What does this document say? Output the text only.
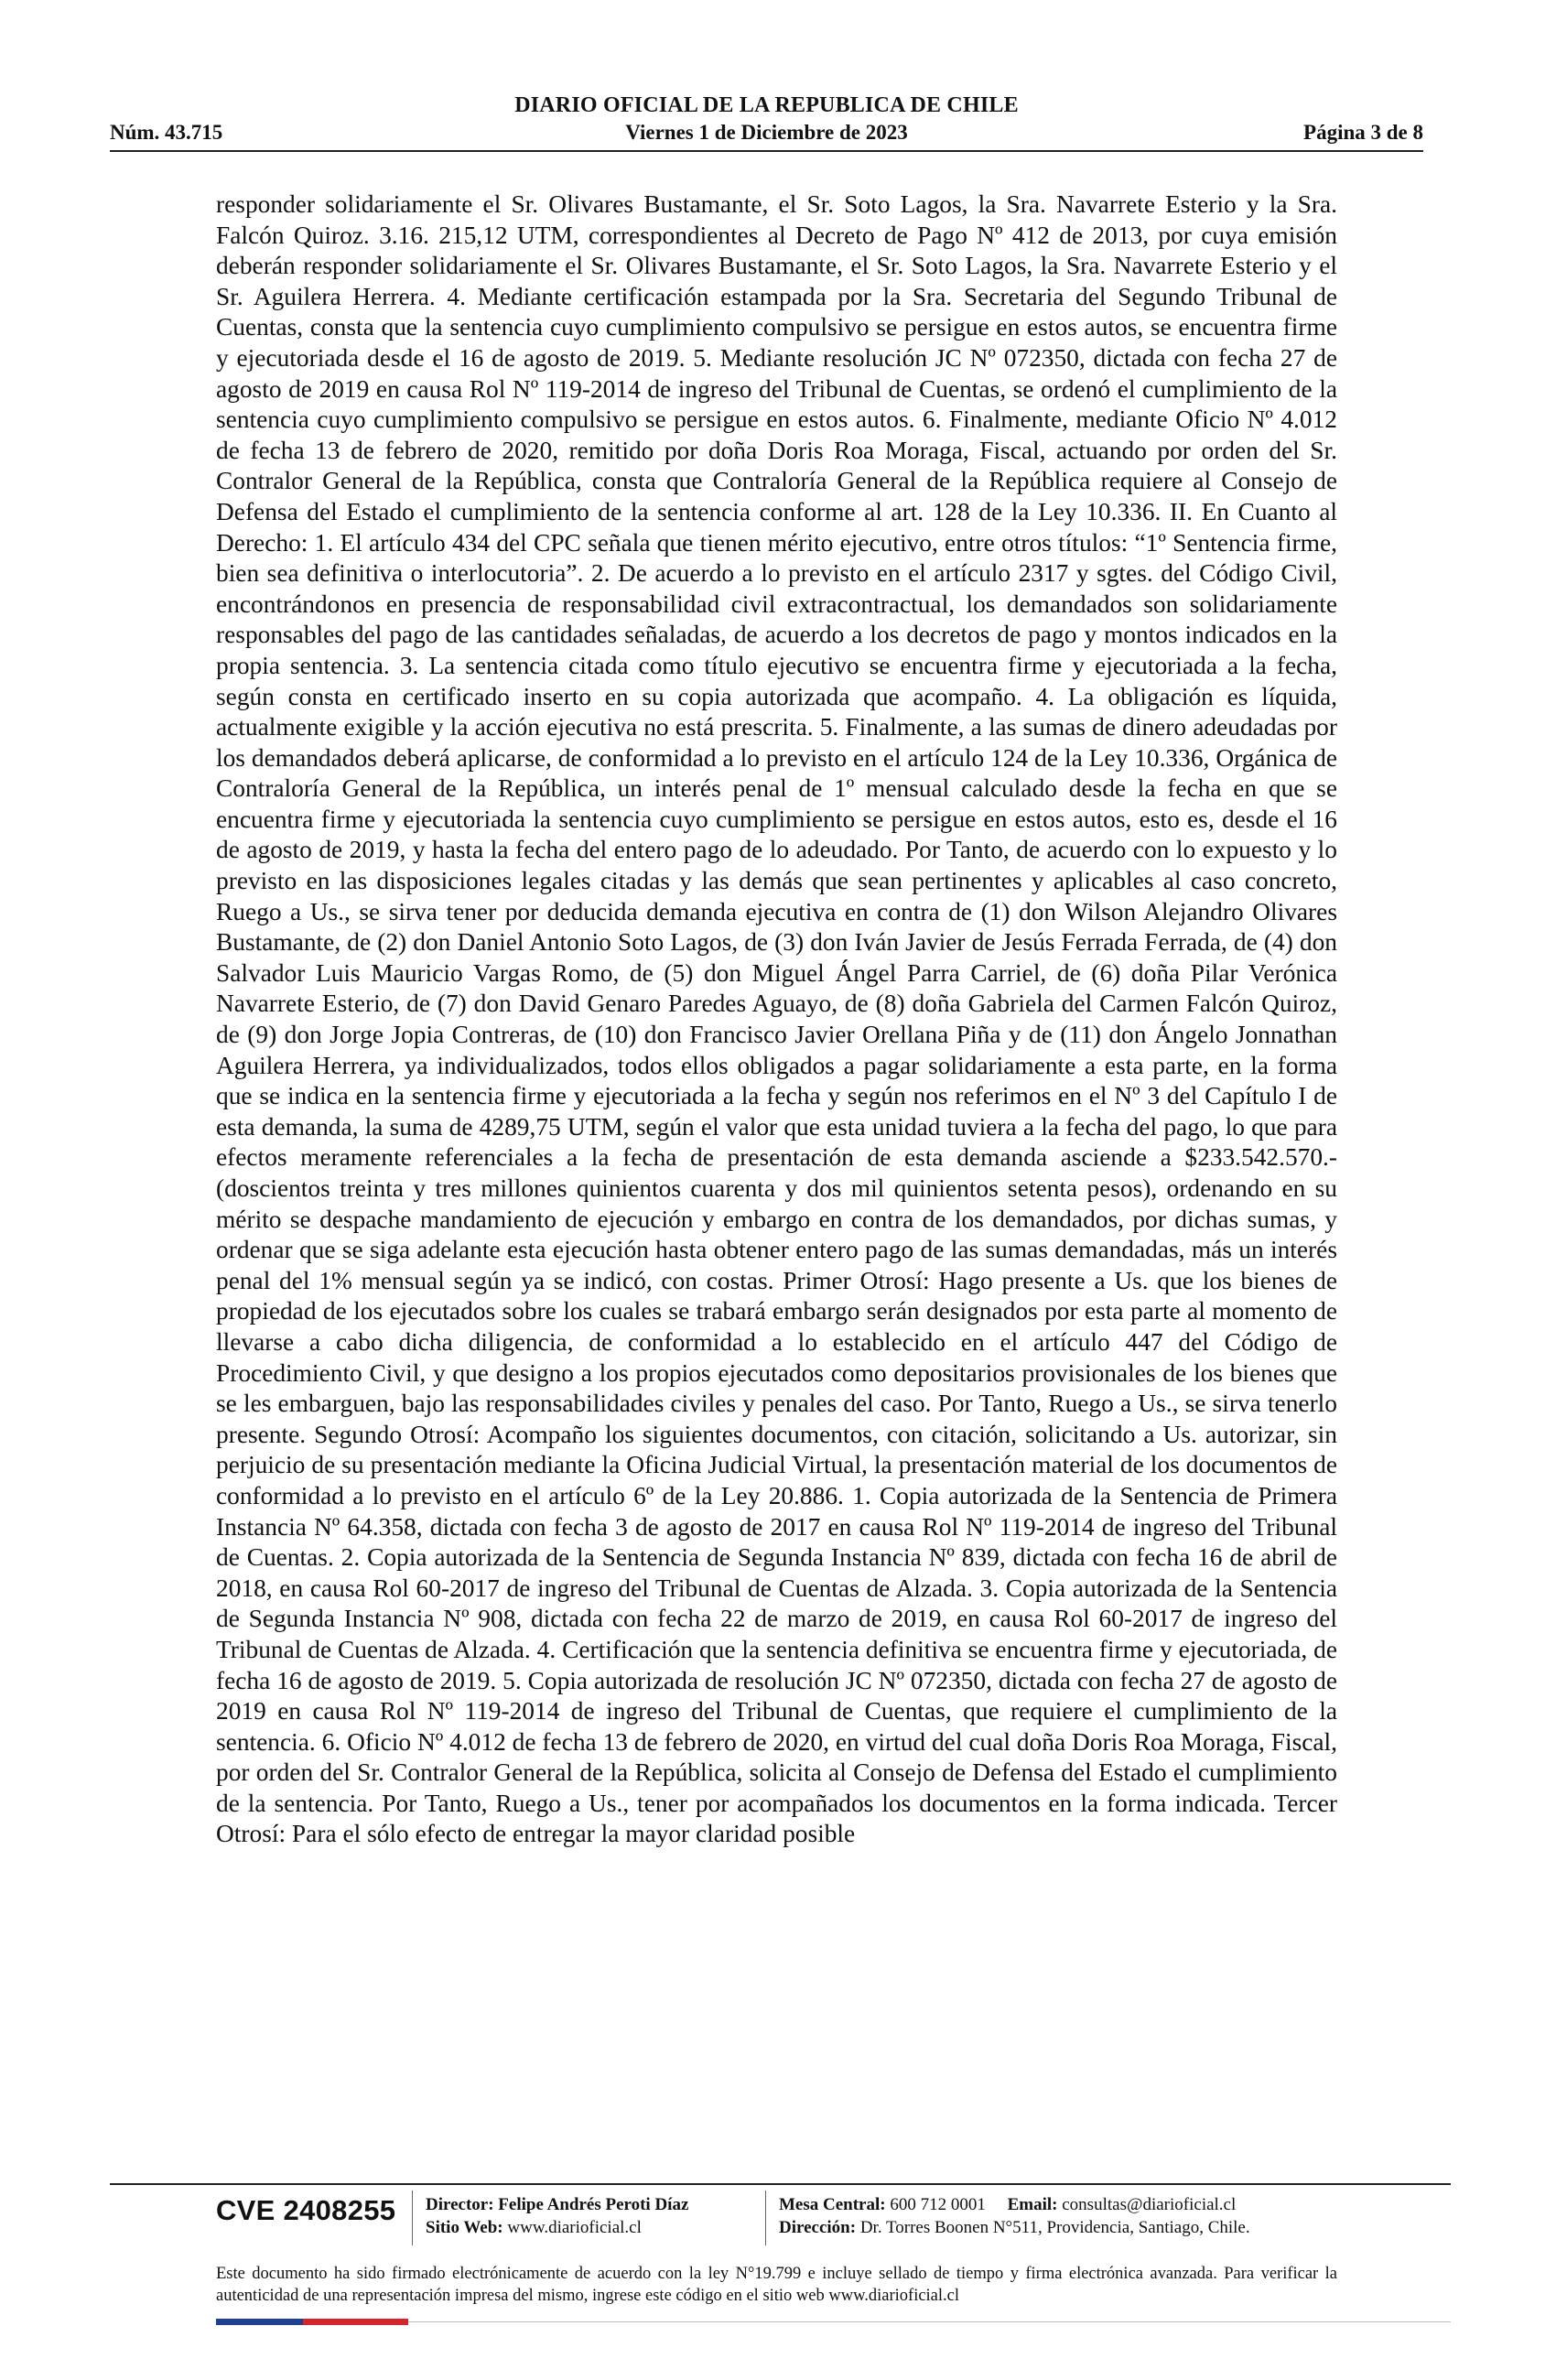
DIARIO OFICIAL DE LA REPUBLICA DE CHILE
Núm. 43.715	Viernes 1 de Diciembre de 2023	Página 3 de 8

responder solidariamente el Sr. Olivares Bustamante, el Sr. Soto Lagos, la Sra. Navarrete Esterio y la Sra. Falcón Quiroz. 3.16. 215,12 UTM, correspondientes al Decreto de Pago Nº 412 de 2013, por cuya emisión deberán responder solidariamente el Sr. Olivares Bustamante, el Sr. Soto Lagos, la Sra. Navarrete Esterio y el Sr. Aguilera Herrera. 4. Mediante certificación estampada por la Sra. Secretaria del Segundo Tribunal de Cuentas, consta que la sentencia cuyo cumplimiento compulsivo se persigue en estos autos, se encuentra firme y ejecutoriada desde el 16 de agosto de 2019. 5. Mediante resolución JC Nº 072350, dictada con fecha 27 de agosto de 2019 en causa Rol Nº 119-2014 de ingreso del Tribunal de Cuentas, se ordenó el cumplimiento de la sentencia cuyo cumplimiento compulsivo se persigue en estos autos. 6. Finalmente, mediante Oficio Nº 4.012 de fecha 13 de febrero de 2020, remitido por doña Doris Roa Moraga, Fiscal, actuando por orden del Sr. Contralor General de la República, consta que Contraloría General de la República requiere al Consejo de Defensa del Estado el cumplimiento de la sentencia conforme al art. 128 de la Ley 10.336. II. En Cuanto al Derecho: 1. El artículo 434 del CPC señala que tienen mérito ejecutivo, entre otros títulos: “1º Sentencia firme, bien sea definitiva o interlocutoria”. 2. De acuerdo a lo previsto en el artículo 2317 y sgtes. del Código Civil, encontrándonos en presencia de responsabilidad civil extracontractual, los demandados son solidariamente responsables del pago de las cantidades señaladas, de acuerdo a los decretos de pago y montos indicados en la propia sentencia. 3. La sentencia citada como título ejecutivo se encuentra firme y ejecutoriada a la fecha, según consta en certificado inserto en su copia autorizada que acompaño. 4. La obligación es líquida, actualmente exigible y la acción ejecutiva no está prescrita. 5. Finalmente, a las sumas de dinero adeudadas por los demandados deberá aplicarse, de conformidad a lo previsto en el artículo 124 de la Ley 10.336, Orgánica de Contraloría General de la República, un interés penal de 1º mensual calculado desde la fecha en que se encuentra firme y ejecutoriada la sentencia cuyo cumplimiento se persigue en estos autos, esto es, desde el 16 de agosto de 2019, y hasta la fecha del entero pago de lo adeudado. Por Tanto, de acuerdo con lo expuesto y lo previsto en las disposiciones legales citadas y las demás que sean pertinentes y aplicables al caso concreto, Ruego a Us., se sirva tener por deducida demanda ejecutiva en contra de (1) don Wilson Alejandro Olivares Bustamante, de (2) don Daniel Antonio Soto Lagos, de (3) don Iván Javier de Jesús Ferrada Ferrada, de (4) don Salvador Luis Mauricio Vargas Romo, de (5) don Miguel Ángel Parra Carriel, de (6) doña Pilar Verónica Navarrete Esterio, de (7) don David Genaro Paredes Aguayo, de (8) doña Gabriela del Carmen Falcón Quiroz, de (9) don Jorge Jopia Contreras, de (10) don Francisco Javier Orellana Piña y de (11) don Ángelo Jonnathan Aguilera Herrera, ya individualizados, todos ellos obligados a pagar solidariamente a esta parte, en la forma que se indica en la sentencia firme y ejecutoriada a la fecha y según nos referimos en el Nº 3 del Capítulo I de esta demanda, la suma de 4289,75 UTM, según el valor que esta unidad tuviera a la fecha del pago, lo que para efectos meramente referenciales a la fecha de presentación de esta demanda asciende a $233.542.570.- (doscientos treinta y tres millones quinientos cuarenta y dos mil quinientos setenta pesos), ordenando en su mérito se despache mandamiento de ejecución y embargo en contra de los demandados, por dichas sumas, y ordenar que se siga adelante esta ejecución hasta obtener entero pago de las sumas demandadas, más un interés penal del 1% mensual según ya se indicó, con costas. Primer Otrosí: Hago presente a Us. que los bienes de propiedad de los ejecutados sobre los cuales se trabará embargo serán designados por esta parte al momento de llevarse a cabo dicha diligencia, de conformidad a lo establecido en el artículo 447 del Código de Procedimiento Civil, y que designo a los propios ejecutados como depositarios provisionales de los bienes que se les embarguen, bajo las responsabilidades civiles y penales del caso. Por Tanto, Ruego a Us., se sirva tenerlo presente. Segundo Otrosí: Acompaño los siguientes documentos, con citación, solicitando a Us. autorizar, sin perjuicio de su presentación mediante la Oficina Judicial Virtual, la presentación material de los documentos de conformidad a lo previsto en el artículo 6º de la Ley 20.886. 1. Copia autorizada de la Sentencia de Primera Instancia Nº 64.358, dictada con fecha 3 de agosto de 2017 en causa Rol Nº 119-2014 de ingreso del Tribunal de Cuentas. 2. Copia autorizada de la Sentencia de Segunda Instancia Nº 839, dictada con fecha 16 de abril de 2018, en causa Rol 60-2017 de ingreso del Tribunal de Cuentas de Alzada. 3. Copia autorizada de la Sentencia de Segunda Instancia Nº 908, dictada con fecha 22 de marzo de 2019, en causa Rol 60-2017 de ingreso del Tribunal de Cuentas de Alzada. 4. Certificación que la sentencia definitiva se encuentra firme y ejecutoriada, de fecha 16 de agosto de 2019. 5. Copia autorizada de resolución JC Nº 072350, dictada con fecha 27 de agosto de 2019 en causa Rol Nº 119-2014 de ingreso del Tribunal de Cuentas, que requiere el cumplimiento de la sentencia. 6. Oficio Nº 4.012 de fecha 13 de febrero de 2020, en virtud del cual doña Doris Roa Moraga, Fiscal, por orden del Sr. Contralor General de la República, solicita al Consejo de Defensa del Estado el cumplimiento de la sentencia. Por Tanto, Ruego a Us., tener por acompañados los documentos en la forma indicada. Tercer Otrosí: Para el sólo efecto de entregar la mayor claridad posible

CVE 2408255 Director: Felipe Andrés Peroti Díaz
Sitio Web: www.diarioficial.cl
Mesa Central: 600 712 0001 Email: consultas@diarioficial.cl
Dirección: Dr. Torres Boonen N°511, Providencia, Santiago, Chile.

Este documento ha sido firmado electrónicamente de acuerdo con la ley N°19.799 e incluye sellado de tiempo y firma electrónica avanzada. Para verificar la autenticidad de una representación impresa del mismo, ingrese este código en el sitio web www.diarioficial.cl
